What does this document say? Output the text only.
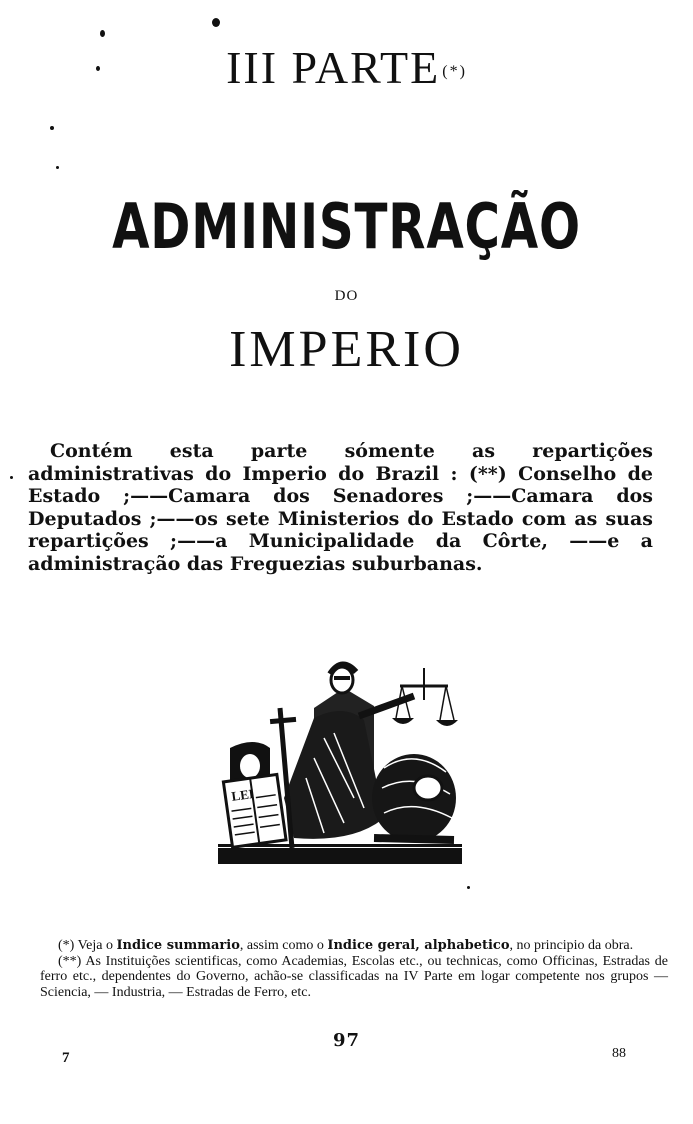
III PARTE (*)
ADMINISTRAÇÃO
DO
IMPERIO
Contém esta parte sómente as repartições administrativas do Imperio do Brazil : (**) Conselho de Estado ;——Camara dos Senadores ;——Camara dos Deputados ;——os sete Ministerios do Estado com as suas repartições ;——a Municipalidade da Côrte, ——e a administração das Freguezias suburbanas.
LEI
(*) Veja o Indice summario, assim como o Indice geral, alphabetico, no principio da obra.
(**) As Instituições scientificas, como Academias, Escolas etc., ou technicas, como Officinas, Estradas de ferro etc., dependentes do Governo, achão-se classificadas na IV Parte em logar competente nos grupos — Sciencia, — Industria, — Estradas de Ferro, etc.
97
7	88
